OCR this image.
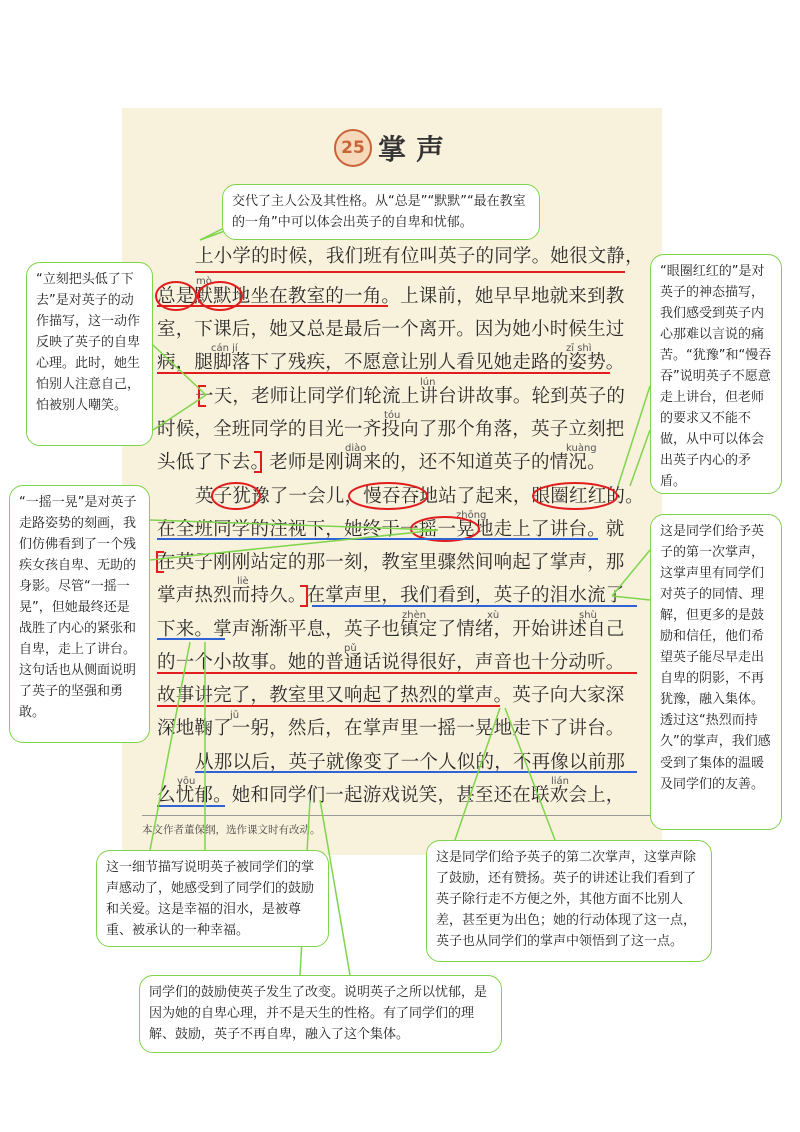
25 掌声
mò
cán jí	zī shì
lún
tóu
diào	kuàng
zhōng
liè
zhèn	xù	shù
pǔ
jū
yōu	lián
上小学的时候，我们班有位叫英子的同学。她很文静，
总是默默地坐在教室的一角。上课前，她早早地就来到教
室，下课后，她又总是最后一个离开。因为她小时候生过
病，腿脚落下了残疾，不愿意让别人看见她走路的姿势。
一天，老师让同学们轮流上讲台讲故事。轮到英子的
时候，全班同学的目光一齐投向了那个角落，英子立刻把
头低了下去。老师是刚调来的，还不知道英子的情况。
英子犹豫了一会儿，慢吞吞地站了起来，眼圈红红的。
在全班同学的注视下，她终于一摇一晃地走上了讲台。就
在英子刚刚站定的那一刻，教室里骤然间响起了掌声，那
掌声热烈而持久。在掌声里，我们看到，英子的泪水流了
下来。掌声渐渐平息，英子也镇定了情绪，开始讲述自己
的一个小故事。她的普通话说得很好，声音也十分动听。
故事讲完了，教室里又响起了热烈的掌声。英子向大家深
深地鞠了一躬，然后，在掌声里一摇一晃地走下了讲台。
从那以后，英子就像变了一个人似的，不再像以前那
么忧郁。她和同学们一起游戏说笑，甚至还在联欢会上，
本文作者董保纲，选作课文时有改动。
交代了主人公及其性格。从“总是”“默默”“最在教室的一角”中可以体会出英子的自卑和忧郁。
“立刻把头低了下去”是对英子的动作描写，这一动作反映了英子的自卑心理。此时，她生怕别人注意自己，怕被别人嘲笑。
“眼圈红红的”是对英子的神态描写，我们感受到英子内心那难以言说的痛苦。“犹豫”和“慢吞吞”说明英子不愿意走上讲台，但老师的要求又不能不做，从中可以体会出英子内心的矛盾。
“一摇一晃”是对英子走路姿势的刻画，我们仿佛看到了一个残疾女孩自卑、无助的身影。尽管“一摇一晃”，但她最终还是战胜了内心的紧张和自卑，走上了讲台。这句话也从侧面说明了英子的坚强和勇敢。
这是同学们给予英子的第一次掌声，这掌声里有同学们对英子的同情、理解，但更多的是鼓励和信任，他们希望英子能尽早走出自卑的阴影，不再犹豫，融入集体。透过这“热烈而持久”的掌声，我们感受到了集体的温暖及同学们的友善。
这一细节描写说明英子被同学们的掌声感动了，她感受到了同学们的鼓励和关爱。这是幸福的泪水，是被尊重、被承认的一种幸福。
这是同学们给予英子的第二次掌声，这掌声除了鼓励，还有赞扬。英子的讲述让我们看到了英子除行走不方便之外，其他方面不比别人差，甚至更为出色；她的行动体现了这一点，英子也从同学们的掌声中领悟到了这一点。
同学们的鼓励使英子发生了改变。说明英子之所以忧郁，是因为她的自卑心理，并不是天生的性格。有了同学们的理解、鼓励，英子不再自卑，融入了这个集体。
